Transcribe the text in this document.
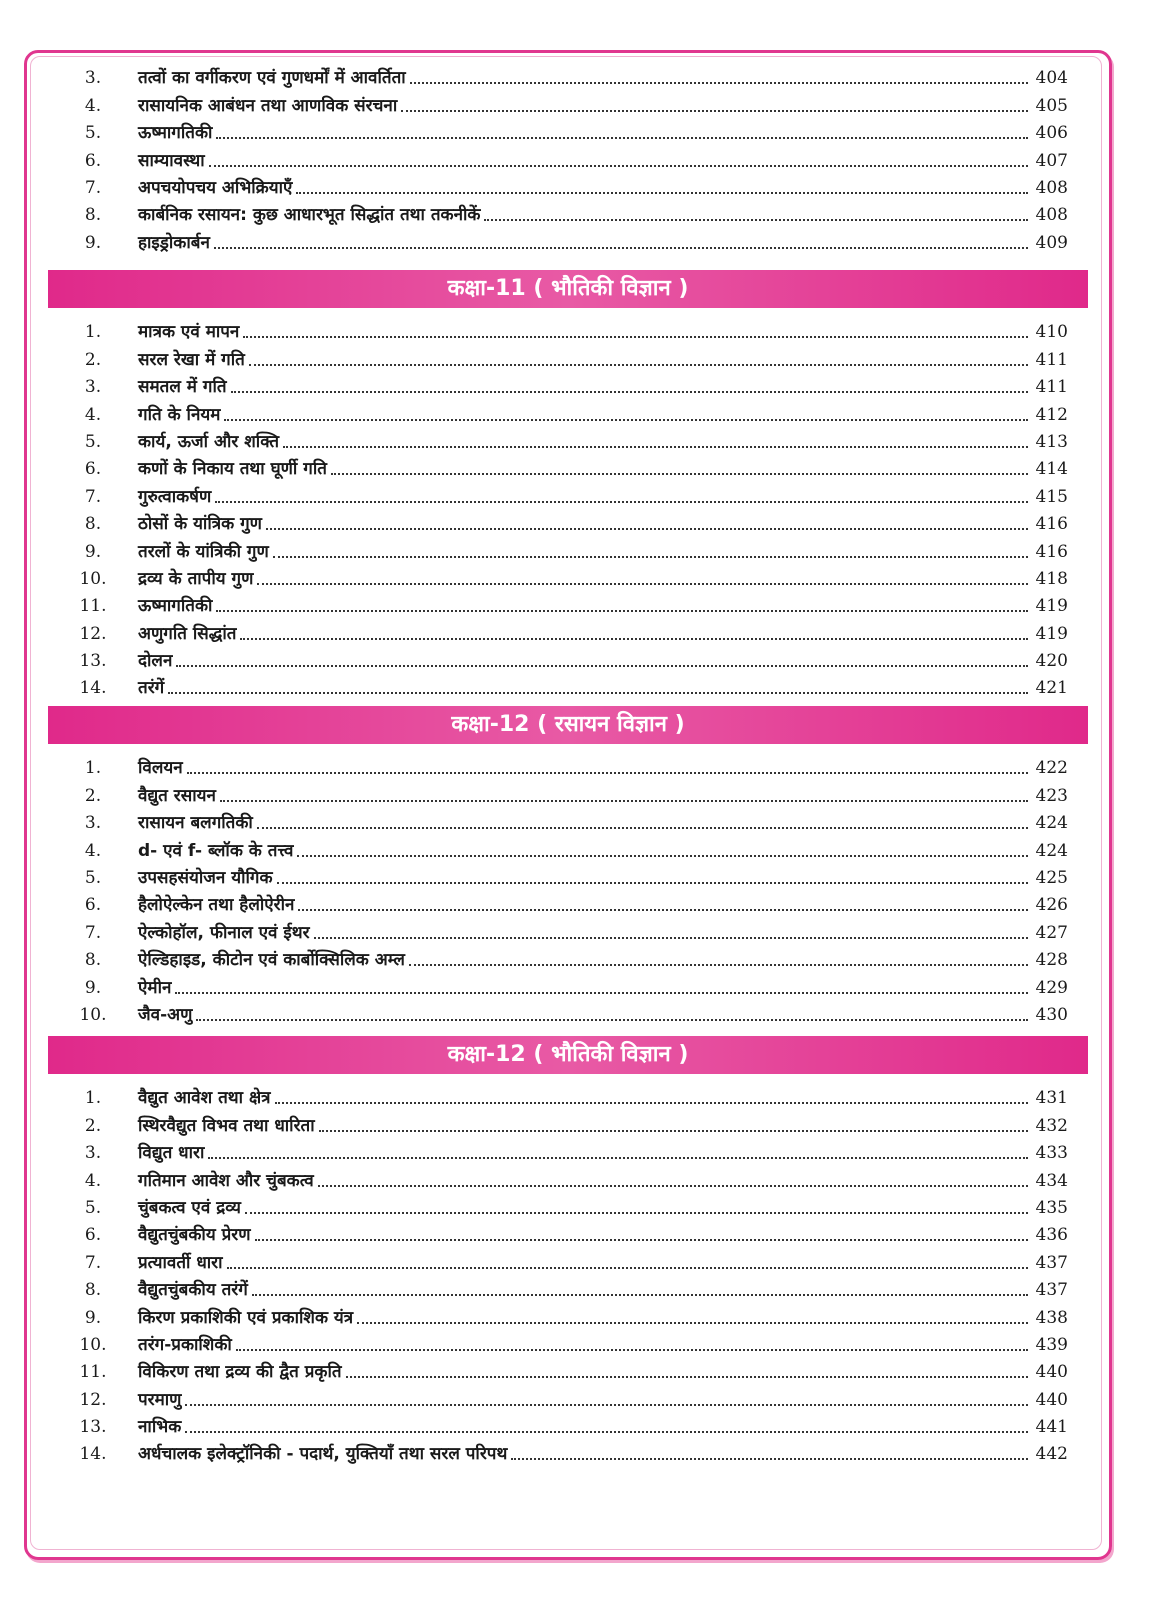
3.	तत्वों का वर्गीकरण एवं गुणधर्मों में आवर्तिता	404
4.	रासायनिक आबंधन तथा आणविक संरचना	405
5.	ऊष्मागतिकी	406
6.	साम्यावस्था	407
7.	अपचयोपचय अभिक्रियाएँ	408
8.	कार्बनिक रसायन: कुछ आधारभूत सिद्धांत तथा तकनीकें	408
9.	हाइड्रोकार्बन	409
कक्षा-11 ( भौतिकी विज्ञान )
1.	मात्रक एवं मापन	410
2.	सरल रेखा में गति	411
3.	समतल में गति	411
4.	गति के नियम	412
5.	कार्य, ऊर्जा और शक्ति	413
6.	कणों के निकाय तथा घूर्णी गति	414
7.	गुरुत्वाकर्षण	415
8.	ठोसों के यांत्रिक गुण	416
9.	तरलों के यांत्रिकी गुण	416
10.	द्रव्य के तापीय गुण	418
11.	ऊष्मागतिकी	419
12.	अणुगति सिद्धांत	419
13.	दोलन	420
14.	तरंगें	421
कक्षा-12 ( रसायन विज्ञान )
1.	विलयन	422
2.	वैद्युत रसायन	423
3.	रासायन बलगतिकी	424
4.	d- एवं f- ब्लॉक के तत्त्व	424
5.	उपसहसंयोजन यौगिक	425
6.	हैलोऐल्केन तथा हैलोऐरीन	426
7.	ऐल्कोहॉल, फीनाल एवं ईथर	427
8.	ऐल्डिहाइड, कीटोन एवं कार्बोक्सिलिक अम्ल	428
9.	ऐमीन	429
10.	जैव-अणु	430
कक्षा-12 ( भौतिकी विज्ञान )
1.	वैद्युत आवेश तथा क्षेत्र	431
2.	स्थिरवैद्युत विभव तथा धारिता	432
3.	विद्युत धारा	433
4.	गतिमान आवेश और चुंबकत्व	434
5.	चुंबकत्व एवं द्रव्य	435
6.	वैद्युतचुंबकीय प्रेरण	436
7.	प्रत्यावर्ती धारा	437
8.	वैद्युतचुंबकीय तरंगें	437
9.	किरण प्रकाशिकी एवं प्रकाशिक यंत्र	438
10.	तरंग-प्रकाशिकी	439
11.	विकिरण तथा द्रव्य की द्वैत प्रकृति	440
12.	परमाणु	440
13.	नाभिक	441
14.	अर्धचालक इलेक्ट्रॉनिकी - पदार्थ, युक्तियाँ तथा सरल परिपथ	442
